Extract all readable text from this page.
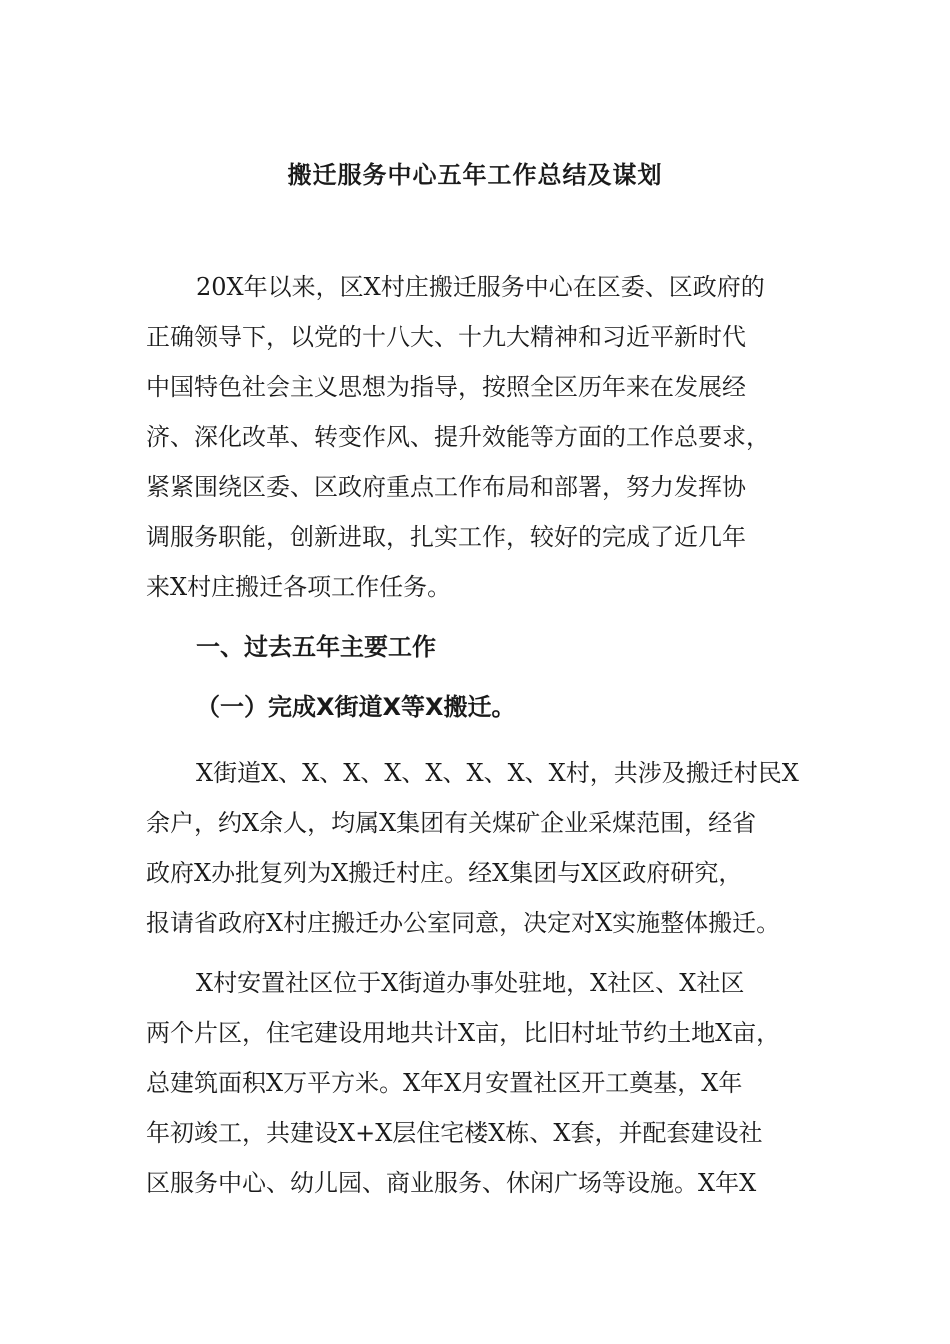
搬迁服务中心五年工作总结及谋划
20X年以来，区X村庄搬迁服务中心在区委、区政府的
正确领导下，以党的十八大、十九大精神和习近平新时代
中国特色社会主义思想为指导，按照全区历年来在发展经
济、深化改革、转变作风、提升效能等方面的工作总要求，
紧紧围绕区委、区政府重点工作布局和部署，努力发挥协
调服务职能，创新进取，扎实工作，较好的完成了近几年
来X村庄搬迁各项工作任务。
一、过去五年主要工作
（一）完成X街道X等X搬迁。
X街道X、X、X、X、X、X、X、X村，共涉及搬迁村民X
余户，约X余人，均属X集团有关煤矿企业采煤范围，经省
政府X办批复列为X搬迁村庄。经X集团与X区政府研究，
报请省政府X村庄搬迁办公室同意，决定对X实施整体搬迁。
X村安置社区位于X街道办事处驻地，X社区、X社区
两个片区，住宅建设用地共计X亩，比旧村址节约土地X亩，
总建筑面积X万平方米。X年X月安置社区开工奠基，X年
年初竣工，共建设X+X层住宅楼X栋、X套，并配套建设社
区服务中心、幼儿园、商业服务、休闲广场等设施。X年X
